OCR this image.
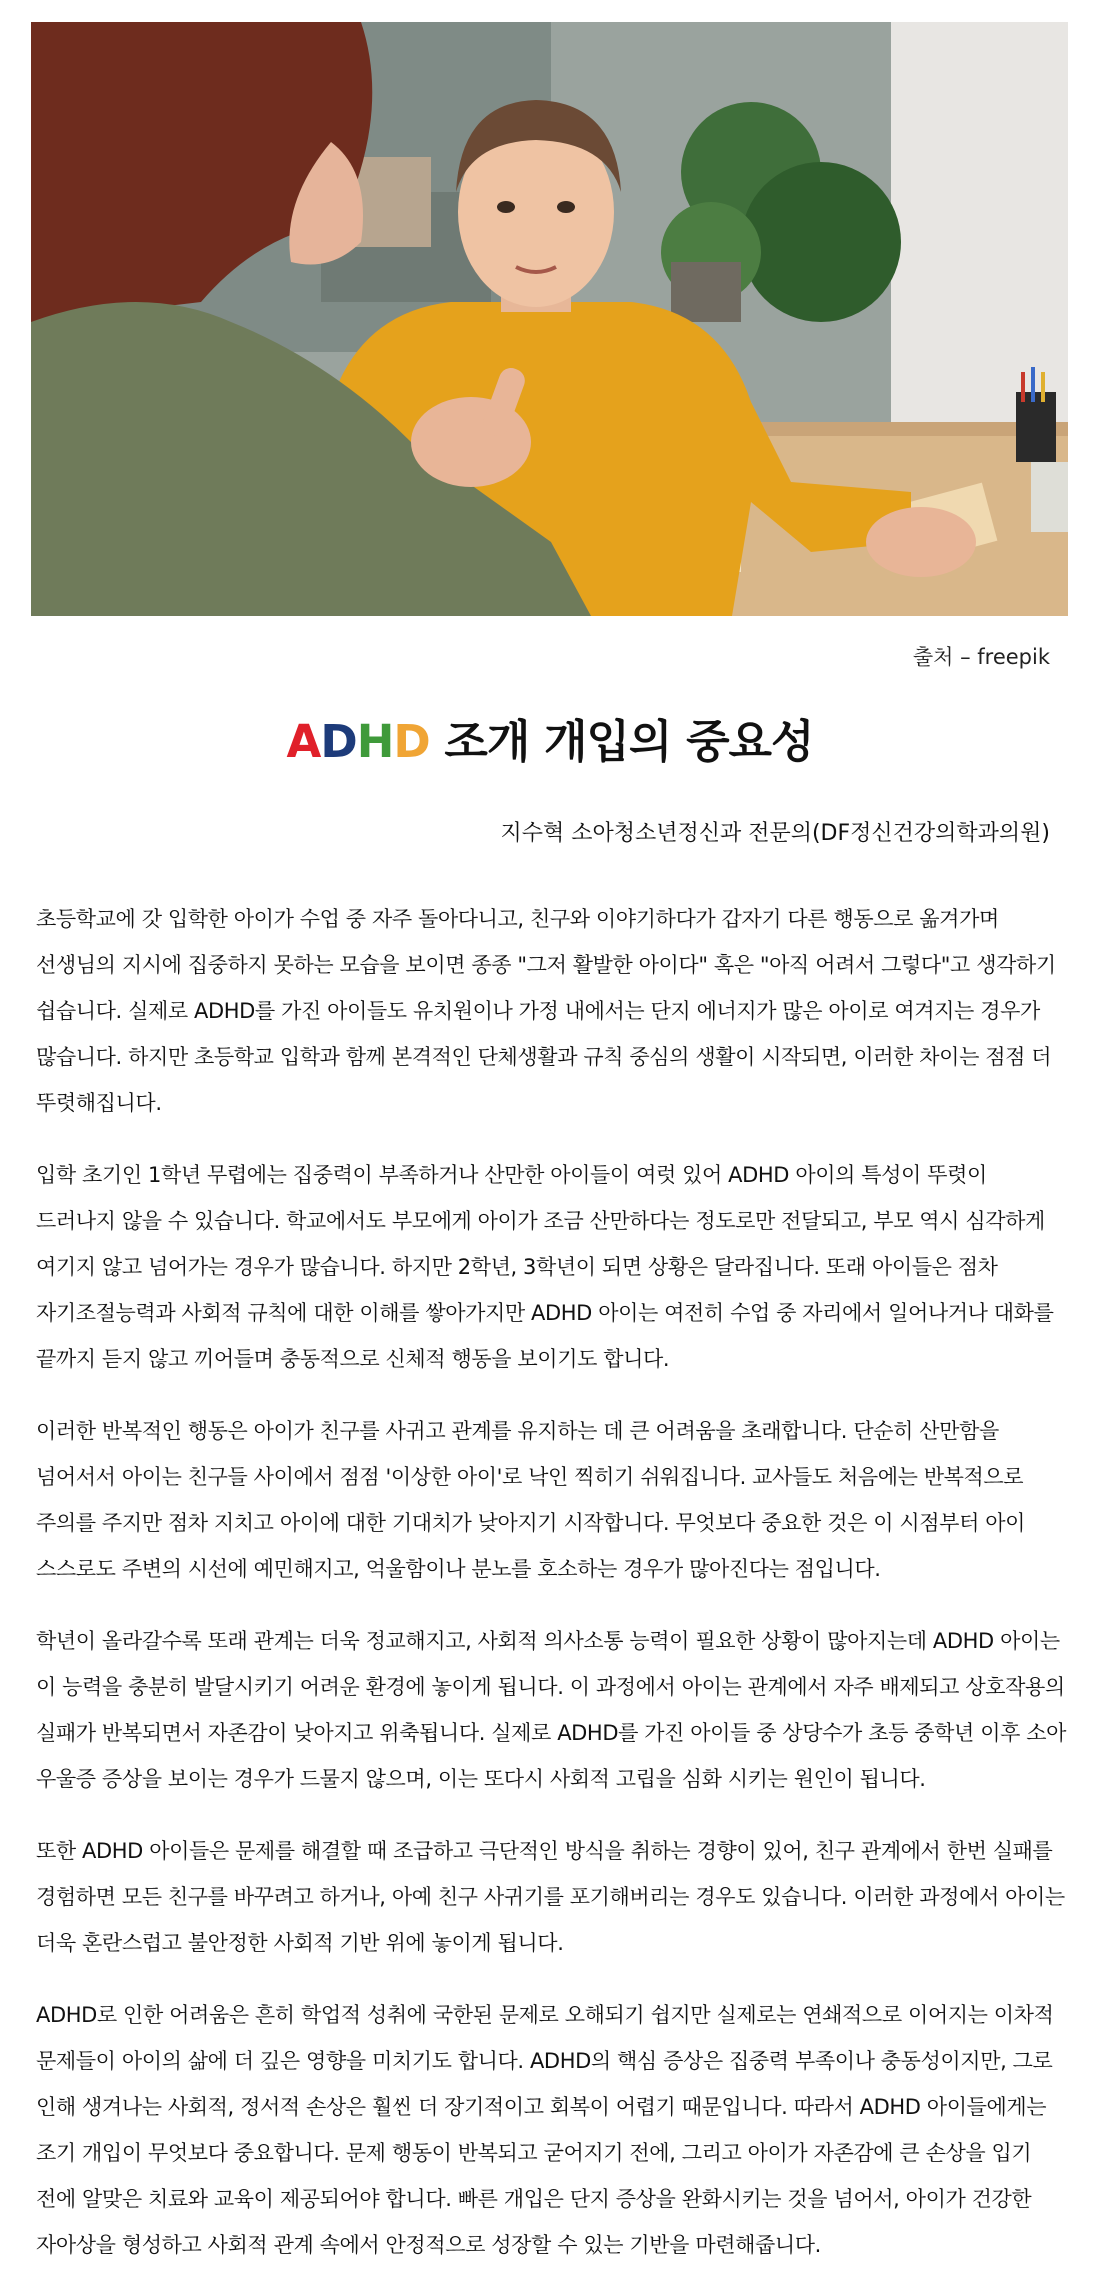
출처 – freepik
ADHD 조개 개입의 중요성
지수혁 소아청소년정신과 전문의(DF정신건강의학과의원)

초등학교에 갓 입학한 아이가 수업 중 자주 돌아다니고, 친구와 이야기하다가 갑자기 다른 행동으로 옮겨가며 선생님의 지시에 집중하지 못하는 모습을 보이면 종종 "그저 활발한 아이다" 혹은 "아직 어려서 그렇다"고 생각하기 쉽습니다. 실제로 ADHD를 가진 아이들도 유치원이나 가정 내에서는 단지 에너지가 많은 아이로 여겨지는 경우가 많습니다. 하지만 초등학교 입학과 함께 본격적인 단체생활과 규칙 중심의 생활이 시작되면, 이러한 차이는 점점 더 뚜렷해집니다.

입학 초기인 1학년 무렵에는 집중력이 부족하거나 산만한 아이들이 여럿 있어 ADHD 아이의 특성이 뚜렷이 드러나지 않을 수 있습니다. 학교에서도 부모에게 아이가 조금 산만하다는 정도로만 전달되고, 부모 역시 심각하게 여기지 않고 넘어가는 경우가 많습니다. 하지만 2학년, 3학년이 되면 상황은 달라집니다. 또래 아이들은 점차 자기조절능력과 사회적 규칙에 대한 이해를 쌓아가지만 ADHD 아이는 여전히 수업 중 자리에서 일어나거나 대화를 끝까지 듣지 않고 끼어들며 충동적으로 신체적 행동을 보이기도 합니다.

이러한 반복적인 행동은 아이가 친구를 사귀고 관계를 유지하는 데 큰 어려움을 초래합니다. 단순히 산만함을 넘어서서 아이는 친구들 사이에서 점점 '이상한 아이'로 낙인 찍히기 쉬워집니다. 교사들도 처음에는 반복적으로 주의를 주지만 점차 지치고 아이에 대한 기대치가 낮아지기 시작합니다. 무엇보다 중요한 것은 이 시점부터 아이 스스로도 주변의 시선에 예민해지고, 억울함이나 분노를 호소하는 경우가 많아진다는 점입니다.

학년이 올라갈수록 또래 관계는 더욱 정교해지고, 사회적 의사소통 능력이 필요한 상황이 많아지는데 ADHD 아이는 이 능력을 충분히 발달시키기 어려운 환경에 놓이게 됩니다. 이 과정에서 아이는 관계에서 자주 배제되고 상호작용의 실패가 반복되면서 자존감이 낮아지고 위축됩니다. 실제로 ADHD를 가진 아이들 중 상당수가 초등 중학년 이후 소아 우울증 증상을 보이는 경우가 드물지 않으며, 이는 또다시 사회적 고립을 심화 시키는 원인이 됩니다.

또한 ADHD 아이들은 문제를 해결할 때 조급하고 극단적인 방식을 취하는 경향이 있어, 친구 관계에서 한번 실패를 경험하면 모든 친구를 바꾸려고 하거나, 아예 친구 사귀기를 포기해버리는 경우도 있습니다. 이러한 과정에서 아이는 더욱 혼란스럽고 불안정한 사회적 기반 위에 놓이게 됩니다.

ADHD로 인한 어려움은 흔히 학업적 성취에 국한된 문제로 오해되기 쉽지만 실제로는 연쇄적으로 이어지는 이차적 문제들이 아이의 삶에 더 깊은 영향을 미치기도 합니다. ADHD의 핵심 증상은 집중력 부족이나 충동성이지만, 그로 인해 생겨나는 사회적, 정서적 손상은 훨씬 더 장기적이고 회복이 어렵기 때문입니다. 따라서 ADHD 아이들에게는 조기 개입이 무엇보다 중요합니다. 문제 행동이 반복되고 굳어지기 전에, 그리고 아이가 자존감에 큰 손상을 입기 전에 알맞은 치료와 교육이 제공되어야 합니다. 빠른 개입은 단지 증상을 완화시키는 것을 넘어서, 아이가 건강한 자아상을 형성하고 사회적 관계 속에서 안정적으로 성장할 수 있는 기반을 마련해줍니다.
